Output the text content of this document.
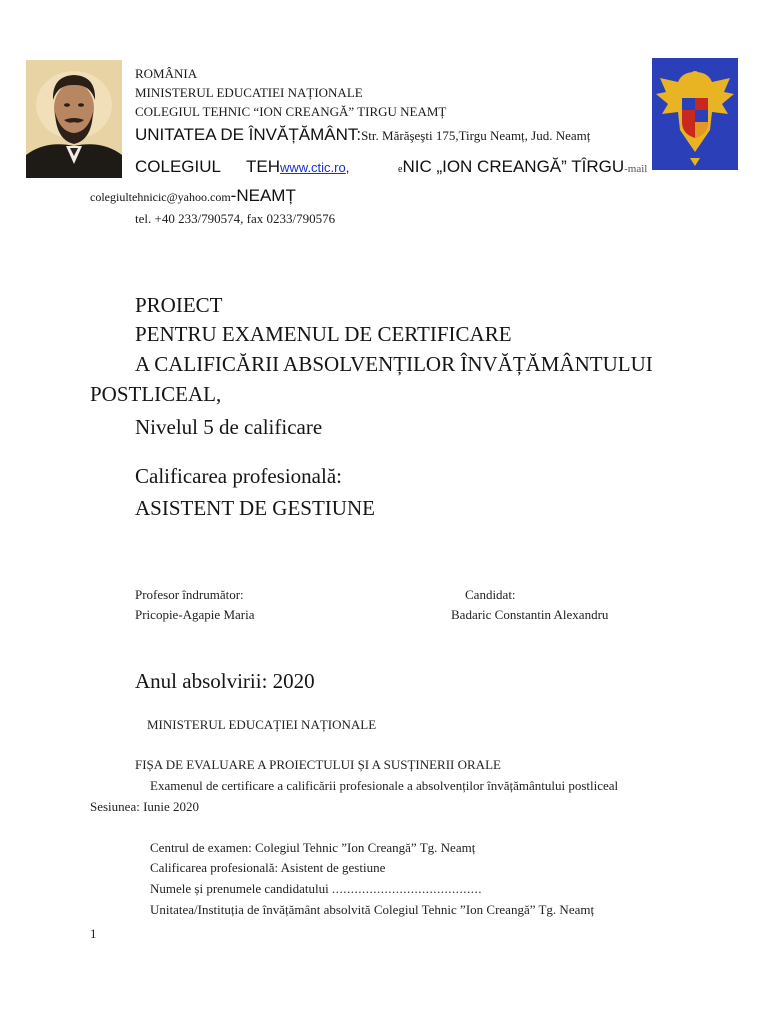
ROMÂNIA
MINISTERUL EDUCATIEI NAȚIONALE
COLEGIUL TEHNIC “ION CREANGĂ” TIRGU NEAMȚ
UNITATEA DE ÎNVĂȚĂMÂNT:Str. Mărăşeşti 175,Tirgu Neamț, Jud. Neamț
COLEGIUL TEHwww.ctic.ro,	eNIC „ION CREANGĂ” TÎRGU-mail
colegiultehnicic@yahoo.com-NEAMȚ
tel. +40 233/790574, fax 0233/790576
PROIECT
PENTRU EXAMENUL DE CERTIFICARE
A CALIFICĂRII ABSOLVENȚILOR ÎNVĂȚĂMÂNTULUI
POSTLICEAL,
Nivelul 5 de calificare
Calificarea profesională:
ASISTENT DE GESTIUNE
Profesor îndrumător:
Pricopie-Agapie Maria
Candidat:
Badaric Constantin Alexandru
Anul absolvirii: 2020
MINISTERUL EDUCAȚIEI NAȚIONALE
FIȘA DE EVALUARE A PROIECTULUI ȘI A SUSȚINERII ORALE
Examenul de certificare a calificării profesionale a absolvenților învățământului postliceal
Sesiunea: Iunie 2020
Centrul de examen: Colegiul Tehnic ”Ion Creangă” Tg. Neamț
Calificarea profesională: Asistent de gestiune
Numele și prenumele candidatului ........................................
Unitatea/Instituția de învățământ absolvită Colegiul Tehnic ”Ion Creangă” Tg. Neamț
1
